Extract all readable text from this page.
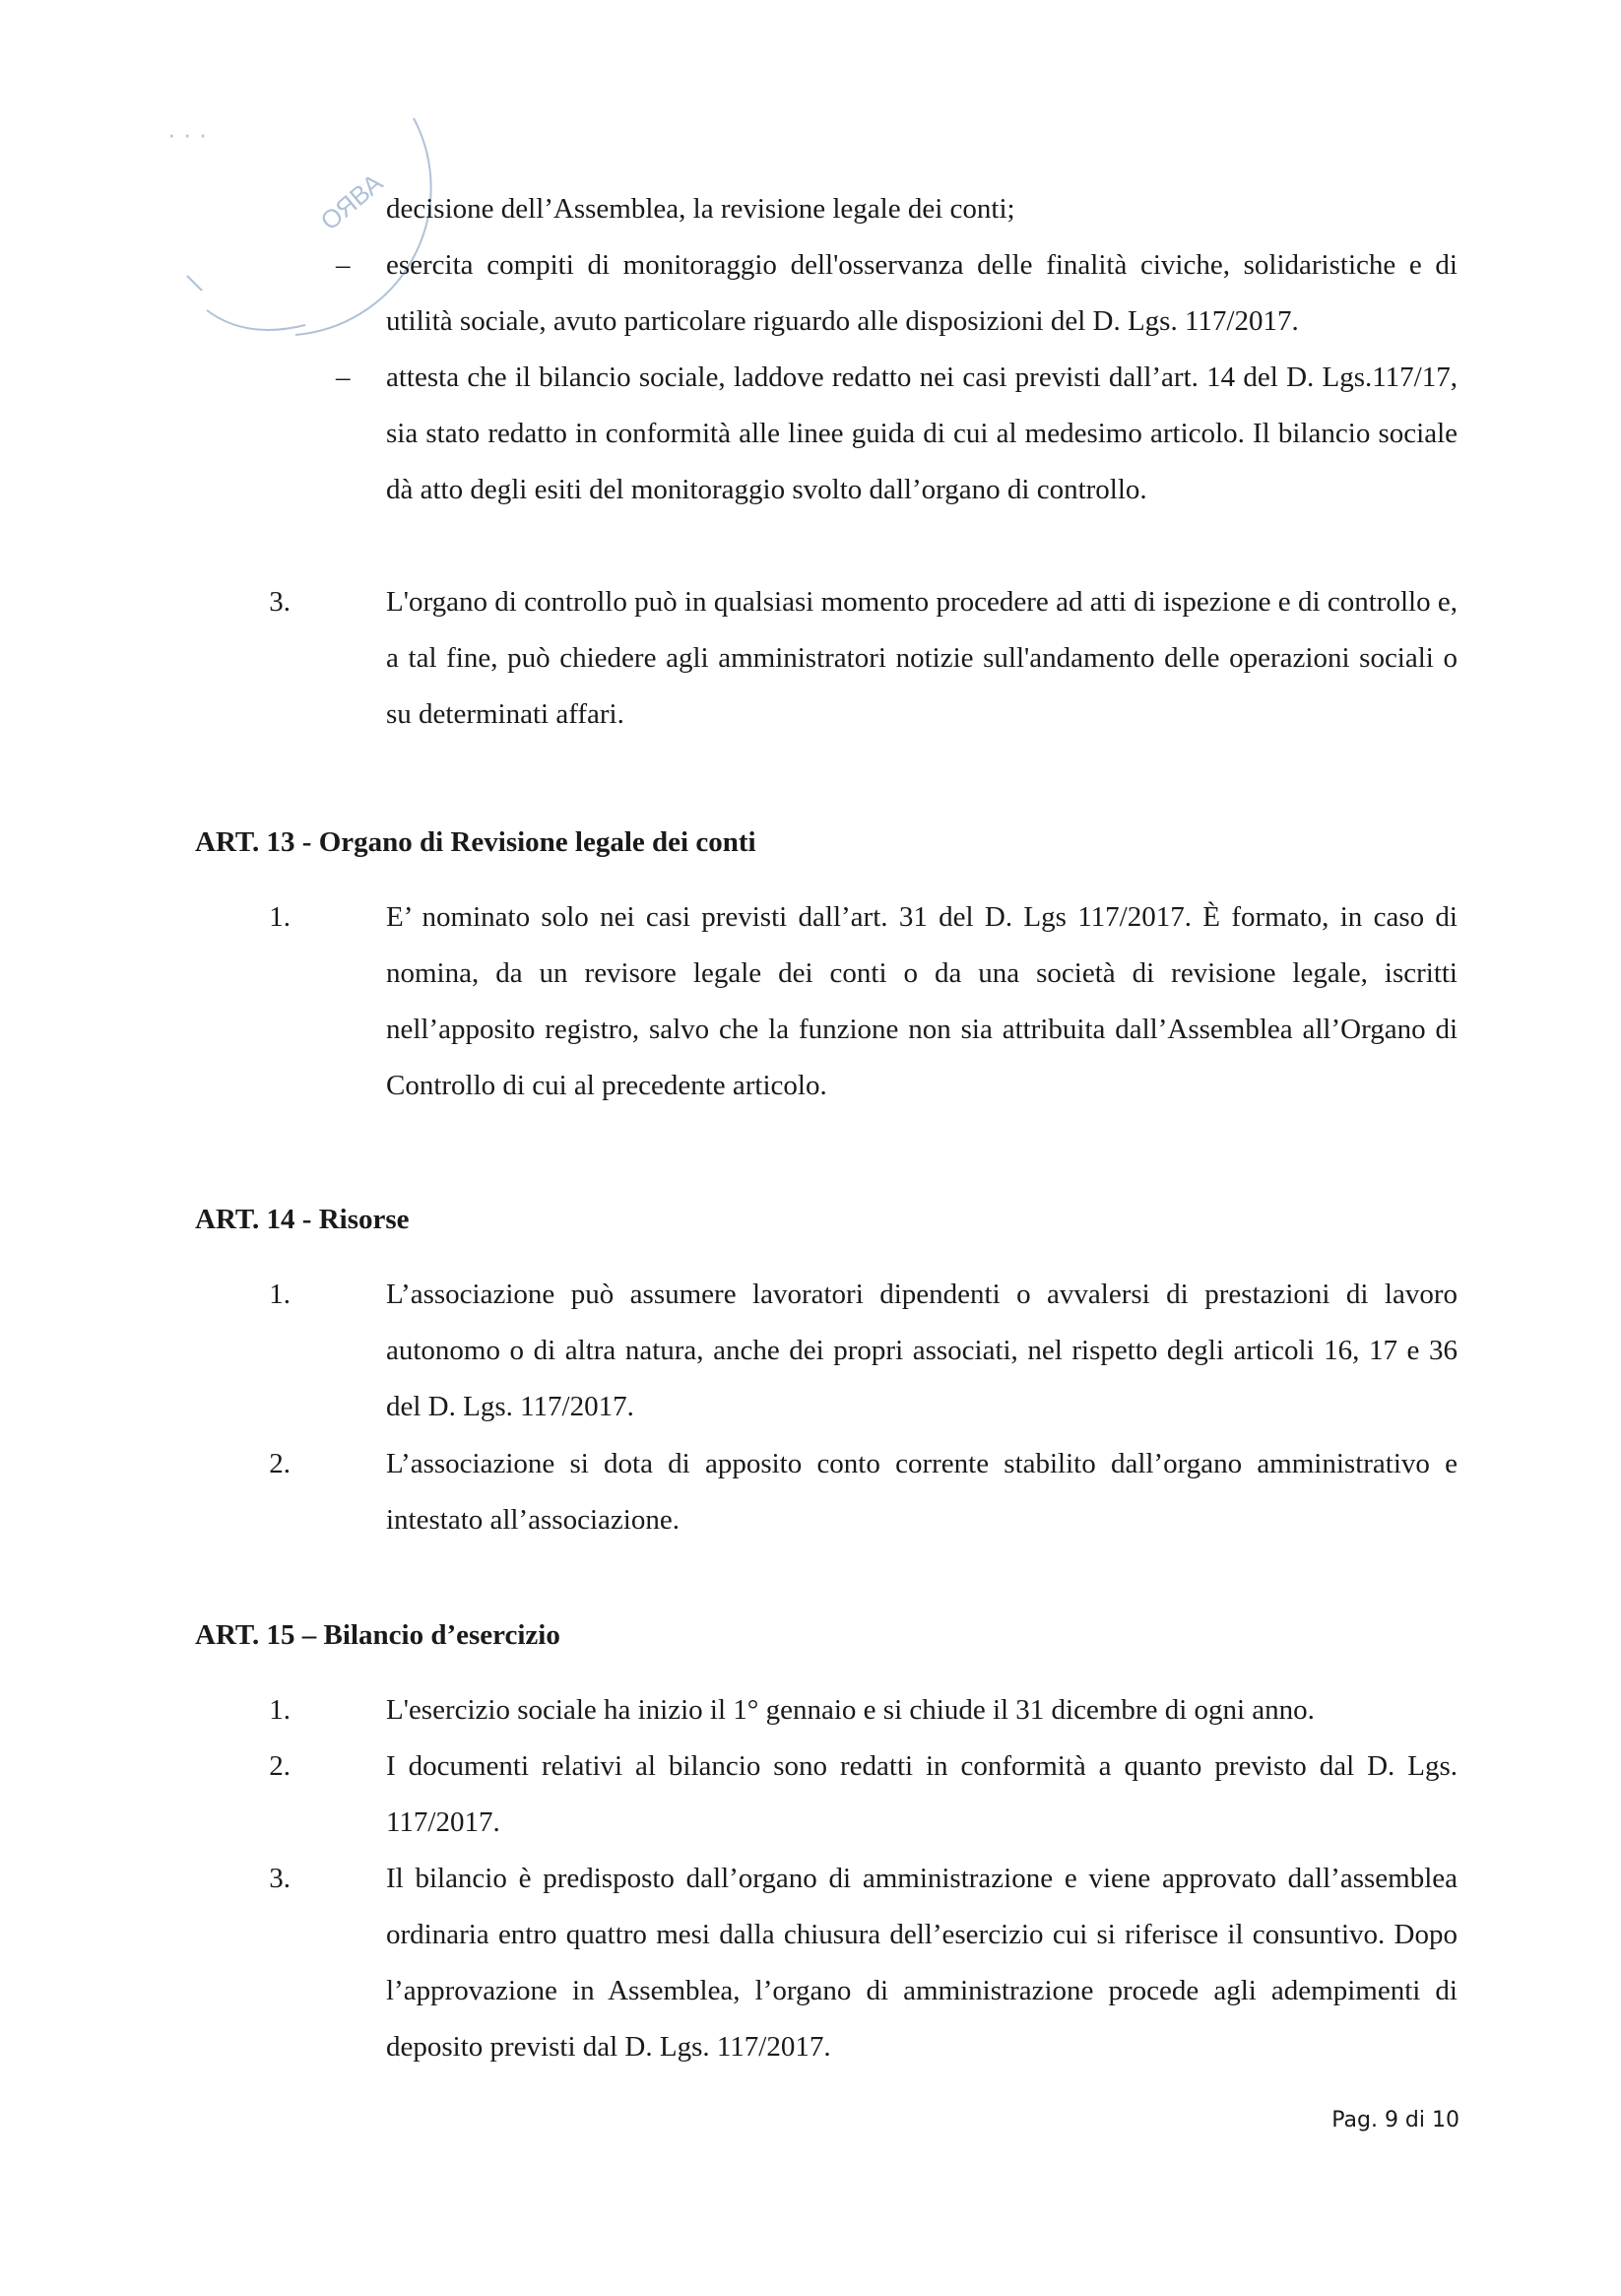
ОЯВА
· · ·

decisione dell’Assemblea, la revisione legale dei conti;

– esercita compiti di monitoraggio dell'osservanza delle finalità civiche, solidaristiche e di utilità sociale, avuto particolare riguardo alle disposizioni del D. Lgs. 117/2017.

– attesta che il bilancio sociale, laddove redatto nei casi previsti dall’art. 14 del D. Lgs.117/17, sia stato redatto in conformità alle linee guida di cui al medesimo articolo. Il bilancio sociale dà atto degli esiti del monitoraggio svolto dall’organo di controllo.

3.	L'organo di controllo può in qualsiasi momento procedere ad atti di ispezione e di controllo e, a tal fine, può chiedere agli amministratori notizie sull'andamento delle operazioni sociali o su determinati affari.

ART. 13 - Organo di Revisione legale dei conti
1.	E’ nominato solo nei casi previsti dall’art. 31 del D. Lgs 117/2017. È formato, in caso di nomina, da un revisore legale dei conti o da una società di revisione legale, iscritti nell’apposito registro, salvo che la funzione non sia attribuita dall’Assemblea all’Organo di Controllo di cui al precedente articolo.

ART. 14 - Risorse
1.	L’associazione può assumere lavoratori dipendenti o avvalersi di prestazioni di lavoro autonomo o di altra natura, anche dei propri associati, nel rispetto degli articoli 16, 17 e 36 del D. Lgs. 117/2017.

2.	L’associazione si dota di apposito conto corrente stabilito dall’organo amministrativo e intestato all’associazione.

ART. 15 – Bilancio d’esercizio
1.	L'esercizio sociale ha inizio il 1° gennaio e si chiude il 31 dicembre di ogni anno.

2.	I documenti relativi al bilancio sono redatti in conformità a quanto previsto dal D. Lgs. 117/2017.

3.	Il bilancio è predisposto dall’organo di amministrazione e viene approvato dall’assemblea ordinaria entro quattro mesi dalla chiusura dell’esercizio cui si riferisce il consuntivo. Dopo l’approvazione in Assemblea, l’organo di amministrazione procede agli adempimenti di deposito previsti dal D. Lgs. 117/2017.

Pag. 9 di 10
